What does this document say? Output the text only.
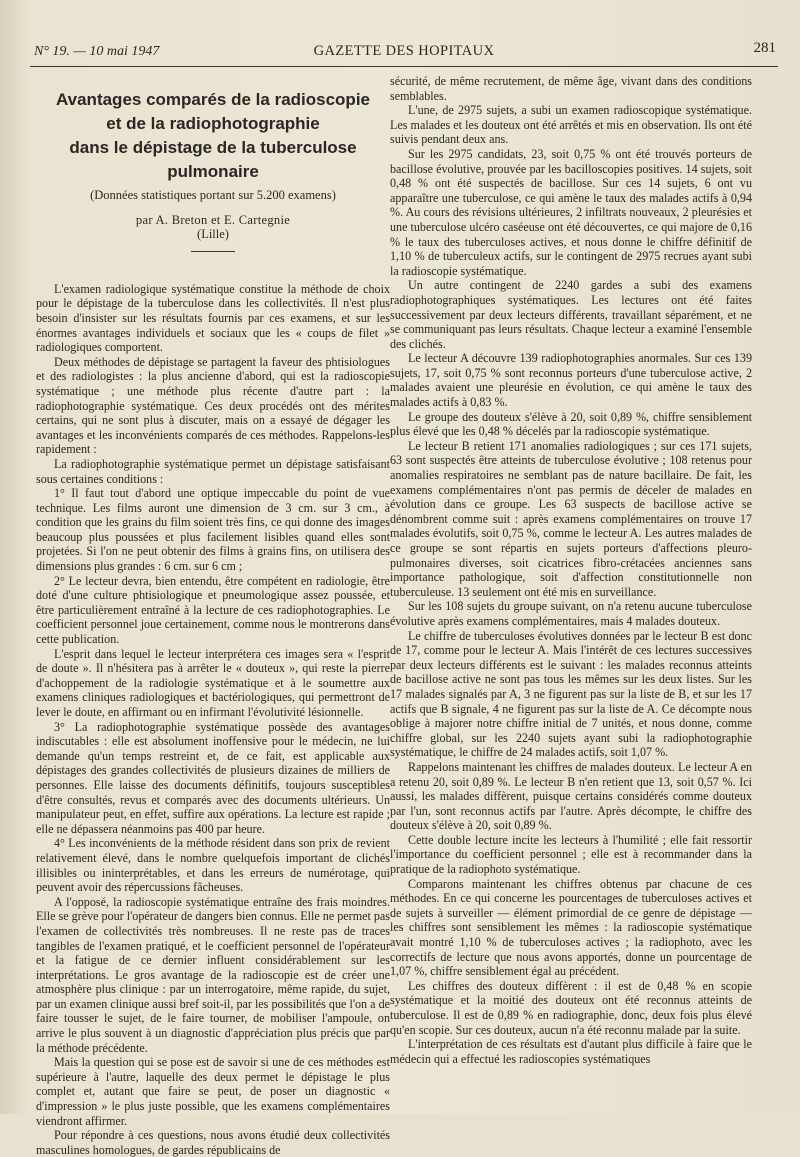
N° 19. — 10 mai 1947	GAZETTE DES HOPITAUX	281
Avantages comparés de la radioscopie
et de la radiophotographie
dans le dépistage de la tuberculose pulmonaire
(Données statistiques portant sur 5.200 examens)
par A. Breton et E. Cartegnie
(Lille)

L'examen radiologique systématique constitue la méthode de choix pour le dépistage de la tuberculose dans les collectivités. Il n'est plus besoin d'insister sur les résultats fournis par ces examens, et sur les énormes avantages individuels et sociaux que les « coups de filet » radiologiques comportent.

Deux méthodes de dépistage se partagent la faveur des phtisiologues et des radiologistes : la plus ancienne d'abord, qui est la radioscopie systématique ; une méthode plus récente d'autre part : la radiophotographie systématique. Ces deux procédés ont des mérites certains, qui ne sont plus à discuter, mais on a essayé de dégager les avantages et les inconvénients comparés de ces méthodes. Rappelons-les rapidement :

La radiophotographie systématique permet un dépistage satisfaisant sous certaines conditions :

1° Il faut tout d'abord une optique impeccable du point de vue technique. Les films auront une dimension de 3 cm. sur 3 cm., à condition que les grains du film soient très fins, ce qui donne des images beaucoup plus poussées et plus facilement lisibles quand elles sont projetées. Si l'on ne peut obtenir des films à grains fins, on utilisera des dimensions plus grandes : 6 cm. sur 6 cm ;

2° Le lecteur devra, bien entendu, être compétent en radiologie, être doté d'une culture phtisiologique et pneumologique assez poussée, et être particulièrement entraîné à la lecture de ces radiophotographies. Le coefficient personnel joue certainement, comme nous le montrerons dans cette publication.

L'esprit dans lequel le lecteur interprétera ces images sera « l'esprit de doute ». Il n'hésitera pas à arrêter le « douteux », qui reste la pierre d'achoppement de la radiologie systématique et à le soumettre aux examens cliniques radiologiques et bactériologiques, qui permettront de lever le doute, en affirmant ou en infirmant l'évolutivité lésionnelle.

3° La radiophotographie systématique possède des avantages indiscutables : elle est absolument inoffensive pour le médecin, ne lui demande qu'un temps restreint et, de ce fait, est applicable aux dépistages des grandes collectivités de plusieurs dizaines de milliers de personnes. Elle laisse des documents définitifs, toujours susceptibles d'être consultés, revus et comparés avec des documents ultérieurs. Un manipulateur peut, en effet, suffire aux opérations. La lecture est rapide ; elle ne dépassera néanmoins pas 400 par heure.

4° Les inconvénients de la méthode résident dans son prix de revient relativement élevé, dans le nombre quelquefois important de clichés illisibles ou ininterprétables, et dans les erreurs de numérotage, qui peuvent avoir des répercussions fâcheuses.

A l'opposé, la radioscopie systématique entraîne des frais moindres. Elle se grève pour l'opérateur de dangers bien connus. Elle ne permet pas l'examen de collectivités très nombreuses. Il ne reste pas de traces tangibles de l'examen pratiqué, et le coefficient personnel de l'opérateur et la fatigue de ce dernier influent considérablement sur les interprétations. Le gros avantage de la radioscopie est de créer une atmosphère plus clinique : par un interrogatoire, même rapide, du sujet, par un examen clinique aussi bref soit-il, par les possibilités que l'on a de faire tousser le sujet, de le faire tourner, de mobiliser l'ampoule, on arrive le plus souvent à un diagnostic d'appréciation plus précis que par la méthode précédente.

Mais la question qui se pose est de savoir si une de ces méthodes est supérieure à l'autre, laquelle des deux permet le dépistage le plus complet et, autant que faire se peut, de poser un diagnostic « d'impression » le plus juste possible, que les examens complémentaires viendront affirmer.

Pour répondre à ces questions, nous avons étudié deux collectivités masculines homologues, de gardes républicains de

sécurité, de même recrutement, de même âge, vivant dans des conditions semblables.

L'une, de 2975 sujets, a subi un examen radioscopique systématique. Les malades et les douteux ont été arrêtés et mis en observation. Ils ont été suivis pendant deux ans.

Sur les 2975 candidats, 23, soit 0,75 % ont été trouvés porteurs de bacillose évolutive, prouvée par les bacilloscopies positives. 14 sujets, soit 0,48 % ont été suspectés de bacillose. Sur ces 14 sujets, 6 ont vu apparaître une tuberculose, ce qui amène le taux des malades actifs à 0,94 %. Au cours des révisions ultérieures, 2 infiltrats nouveaux, 2 pleurésies et une tuberculose ulcéro caséeuse ont été découvertes, ce qui majore de 0,16 % le taux des tuberculoses actives, et nous donne le chiffre définitif de 1,10 % de tuberculeux actifs, sur le contingent de 2975 recrues ayant subi la radioscopie systématique.

Un autre contingent de 2240 gardes a subi des examens radiophotographiques systématiques. Les lectures ont été faites successivement par deux lecteurs différents, travaillant séparément, et ne se communiquant pas leurs résultats. Chaque lecteur a examiné l'ensemble des clichés.

Le lecteur A découvre 139 radiophotographies anormales. Sur ces 139 sujets, 17, soit 0,75 % sont reconnus porteurs d'une tuberculose active, 2 malades avaient une pleurésie en évolution, ce qui amène le taux des malades actifs à 0,83 %.

Le groupe des douteux s'élève à 20, soit 0,89 %, chiffre sensiblement plus élevé que les 0,48 % décelés par la radioscopie systématique.

Le lecteur B retient 171 anomalies radiologiques ; sur ces 171 sujets, 63 sont suspectés être atteints de tuberculose évolutive ; 108 retenus pour anomalies respiratoires ne semblant pas de nature bacillaire. De fait, les examens complémentaires n'ont pas permis de déceler de malades en évolution dans ce groupe. Les 63 suspects de bacillose active se dénombrent comme suit : après examens complémentaires on trouve 17 malades évolutifs, soit 0,75 %, comme le lecteur A. Les autres malades de ce groupe se sont répartis en sujets porteurs d'affections pleuro-pulmonaires diverses, soit cicatrices fibro-crétacées anciennes sans importance pathologique, soit d'affection constitutionnelle non tuberculeuse. 13 seulement ont été mis en surveillance.

Sur les 108 sujets du groupe suivant, on n'a retenu aucune tuberculose évolutive après examens complémentaires, mais 4 malades douteux.

Le chiffre de tuberculoses évolutives données par le lecteur B est donc de 17, comme pour le lecteur A. Mais l'intérêt de ces lectures successives par deux lecteurs différents est le suivant : les malades reconnus atteints de bacillose active ne sont pas tous les mêmes sur les deux listes. Sur les 17 malades signalés par A, 3 ne figurent pas sur la liste de B, et sur les 17 actifs que B signale, 4 ne figurent pas sur la liste de A. Ce décompte nous oblige à majorer notre chiffre initial de 7 unités, et nous donne, comme chiffre global, sur les 2240 sujets ayant subi la radiophotographie systématique, le chiffre de 24 malades actifs, soit 1,07 %.

Rappelons maintenant les chiffres de malades douteux. Le lecteur A en a retenu 20, soit 0,89 %. Le lecteur B n'en retient que 13, soit 0,57 %. Ici aussi, les malades diffèrent, puisque certains considérés comme douteux par l'un, sont reconnus actifs par l'autre. Après décompte, le chiffre des douteux s'élève à 20, soit 0,89 %.

Cette double lecture incite les lecteurs à l'humilité ; elle fait ressortir l'importance du coefficient personnel ; elle est à recommander dans la pratique de la radiophoto systématique.

Comparons maintenant les chiffres obtenus par chacune de ces méthodes. En ce qui concerne les pourcentages de tuberculoses actives et de sujets à surveiller — élément primordial de ce genre de dépistage — les chiffres sont sensiblement les mêmes : la radioscopie systématique avait montré 1,10 % de tuberculoses actives ; la radiophoto, avec les correctifs de lecture que nous avons apportés, donne un pourcentage de 1,07 %, chiffre sensiblement égal au précédent.

Les chiffres des douteux diffèrent : il est de 0,48 % en scopie systématique et la moitié des douteux ont été reconnus atteints de tuberculose. Il est de 0,89 % en radiographie, donc, deux fois plus élevé qu'en scopie. Sur ces douteux, aucun n'a été reconnu malade par la suite.

L'interprétation de ces résultats est d'autant plus difficile à faire que le médecin qui a effectué les radioscopies systématiques
